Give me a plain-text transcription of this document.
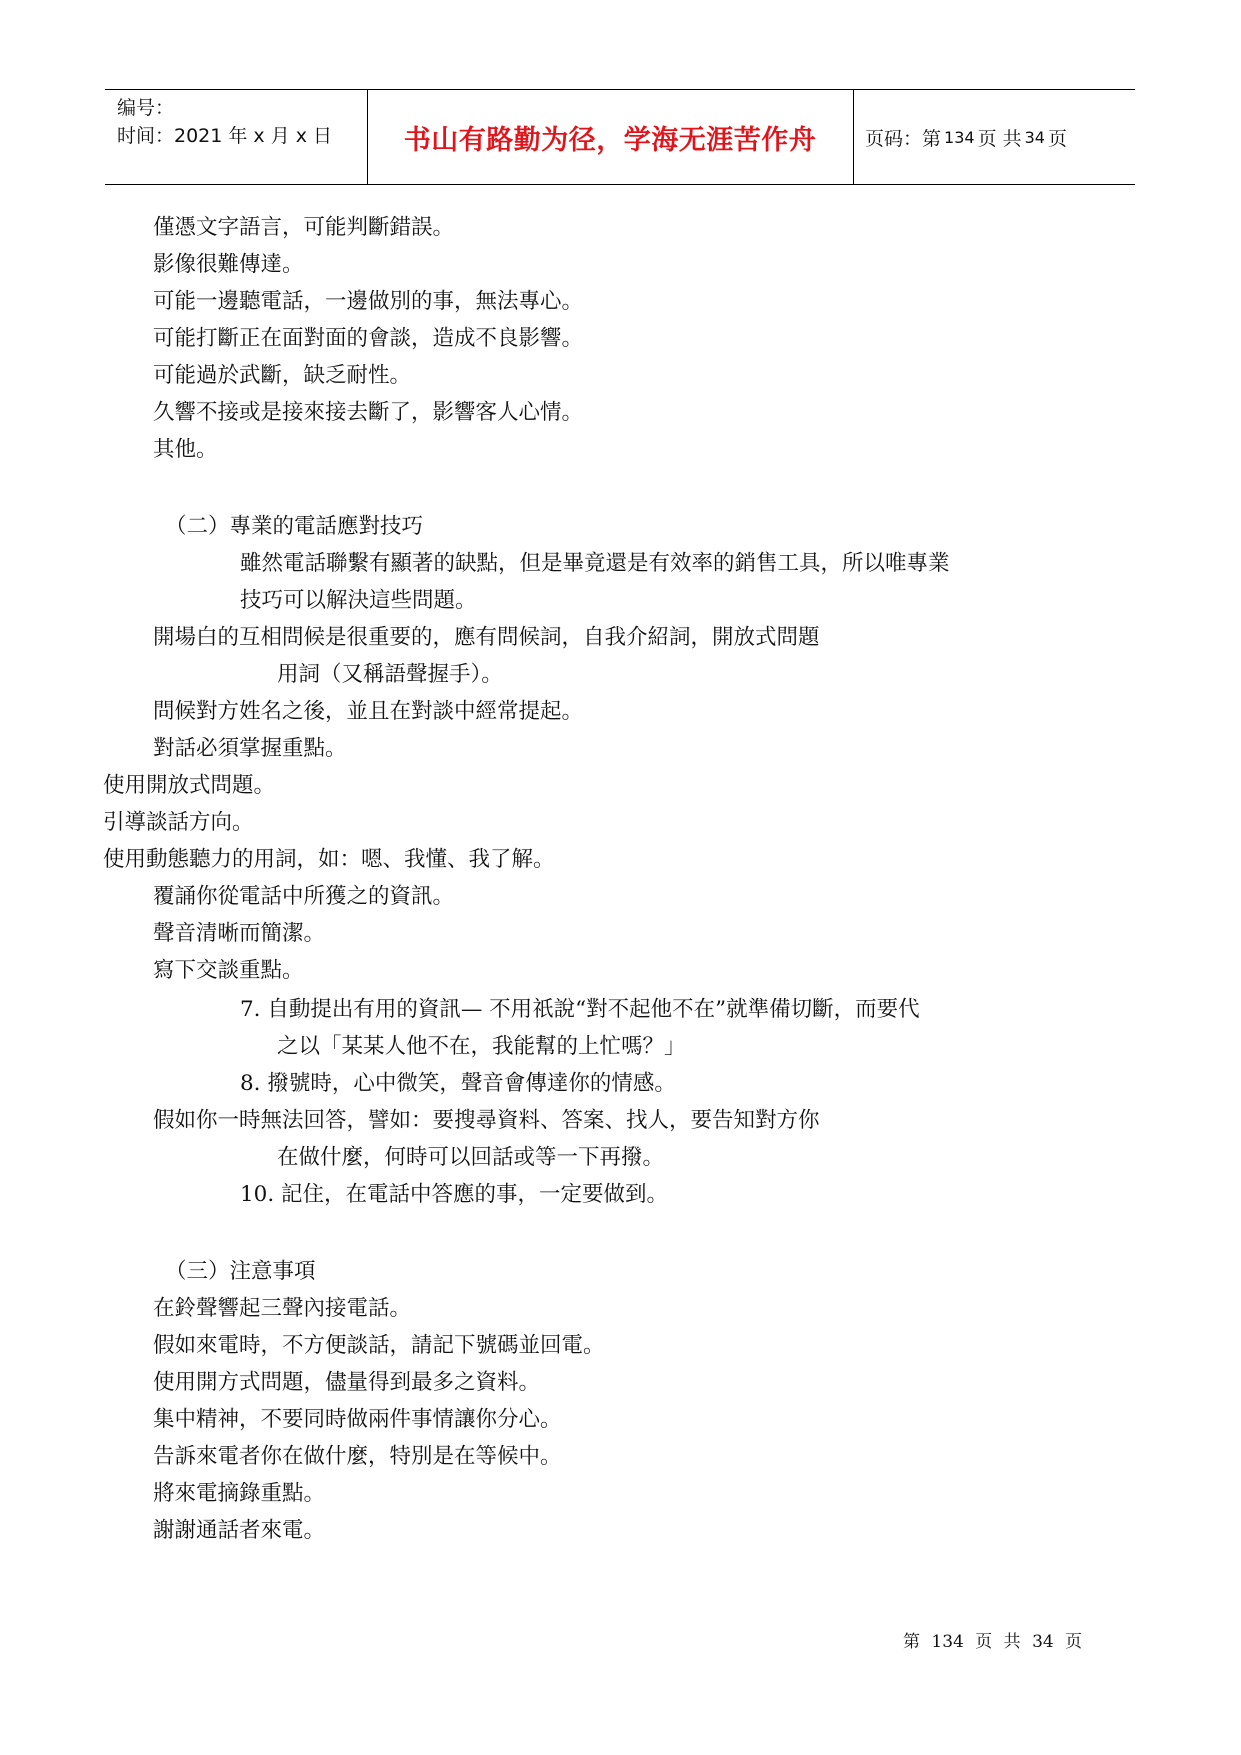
编号：
时间：2021 年 x 月 x 日	书山有路勤为径，学海无涯苦作舟	页码：第 134 页 共 34 页
僅憑文字語言，可能判斷錯誤。
影像很難傳達。
可能一邊聽電話，一邊做別的事，無法專心。
可能打斷正在面對面的會談，造成不良影響。
可能過於武斷，缺乏耐性。
久響不接或是接來接去斷了，影響客人心情。
其他。
（二）專業的電話應對技巧
雖然電話聯繫有顯著的缺點，但是畢竟還是有效率的銷售工具，所以唯專業
技巧可以解決這些問題。
開場白的互相問候是很重要的，應有問候詞，自我介紹詞，開放式問題
用詞（又稱語聲握手）。
問候對方姓名之後，並且在對談中經常提起。
對話必須掌握重點。
使用開放式問題。
引導談話方向。
使用動態聽力的用詞，如：嗯、我懂、我了解。
覆誦你從電話中所獲之的資訊。
聲音清晰而簡潔。
寫下交談重點。
7. 自動提出有用的資訊— 不用祇說“對不起他不在”就準備切斷，而要代
之以「某某人他不在，我能幫的上忙嗎？」
8. 撥號時，心中微笑，聲音會傳達你的情感。
假如你一時無法回答，譬如：要搜尋資料、答案、找人，要告知對方你
在做什麼，何時可以回話或等一下再撥。
10. 記住，在電話中答應的事，一定要做到。
（三）注意事項
在鈴聲響起三聲內接電話。
假如來電時，不方便談話，請記下號碼並回電。
使用開方式問題，儘量得到最多之資料。
集中精神，不要同時做兩件事情讓你分心。
告訴來電者你在做什麼，特別是在等候中。
將來電摘錄重點。
謝謝通話者來電。
第 134 页 共 34 页
